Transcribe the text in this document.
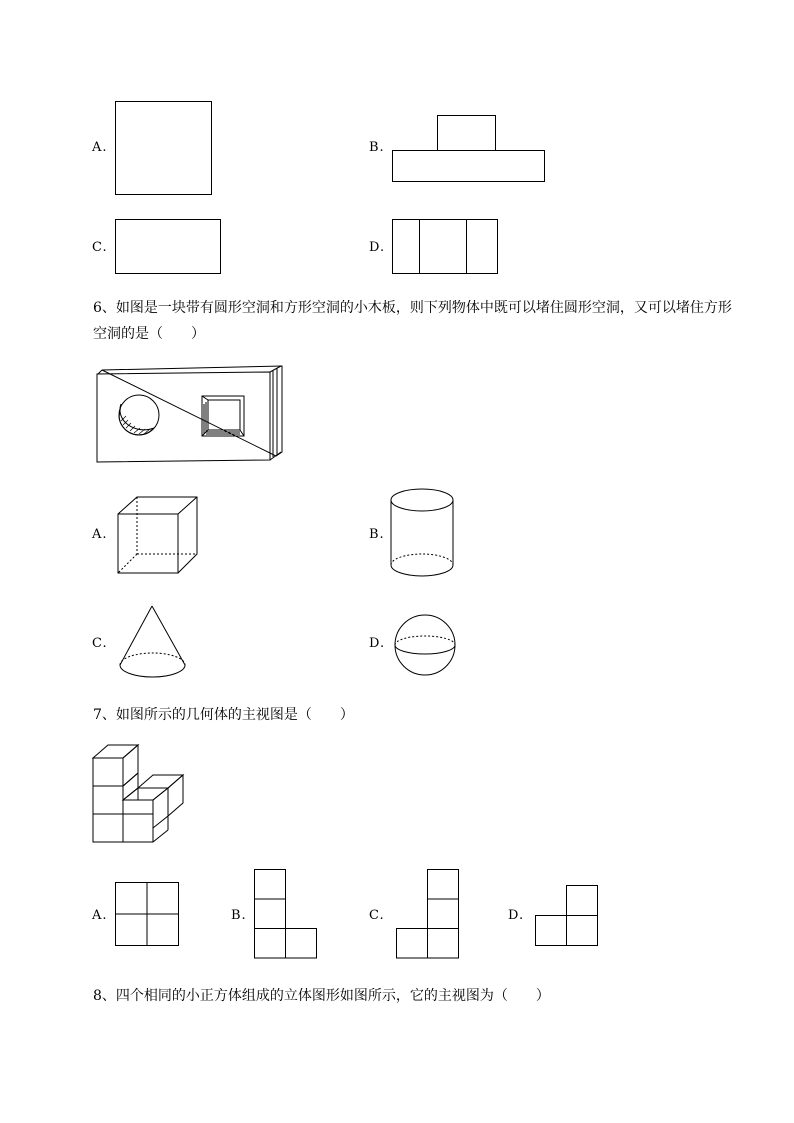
A.	B.
C.	D.
6、如图是一块带有圆形空洞和方形空洞的小木板，则下列物体中既可以堵住圆形空洞，又可以堵住方形空洞的是（　　）
A.	B.
C.	D.
7、如图所示的几何体的主视图是（　　）
A.	B.	C.	D.
8、四个相同的小正方体组成的立体图形如图所示，它的主视图为（　　）
